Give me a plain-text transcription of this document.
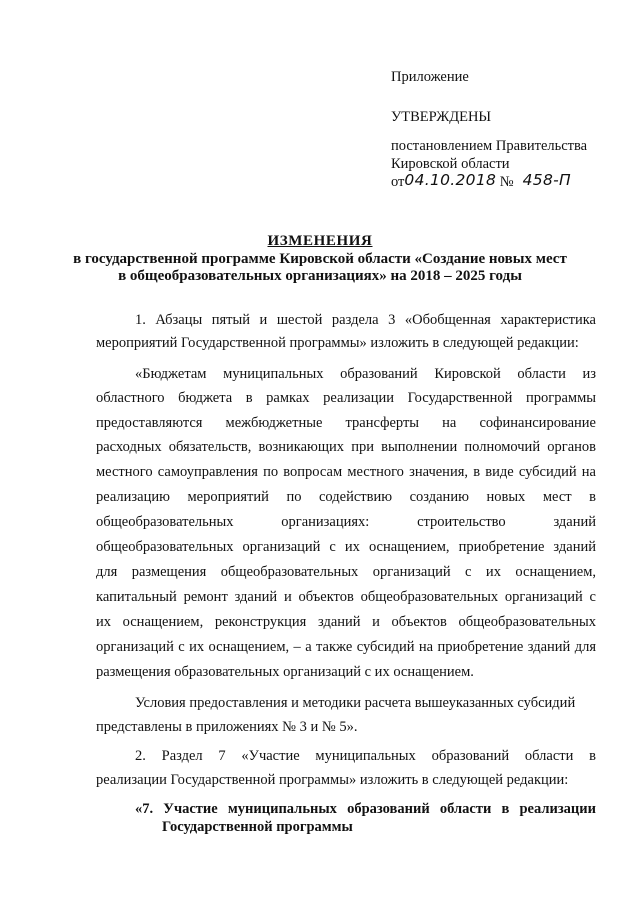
Приложение
УТВЕРЖДЕНЫ
постановлением Правительства
Кировской области
от04.10.2018 № 458-П
ИЗМЕНЕНИЯ
в государственной программе Кировской области «Создание новых мест
в общеобразовательных организациях» на 2018 – 2025 годы
1. Абзацы пятый и шестой раздела 3 «Обобщенная характеристика
мероприятий Государственной программы» изложить в следующей редакции:
«Бюджетам муниципальных образований Кировской области из
областного бюджета в рамках реализации Государственной программы
предоставляются межбюджетные трансферты на софинансирование
расходных обязательств, возникающих при выполнении полномочий органов
местного самоуправления по вопросам местного значения, в виде субсидий на
реализацию мероприятий по содействию созданию новых мест в
общеобразовательных организациях: строительство зданий
общеобразовательных организаций с их оснащением, приобретение зданий
для размещения общеобразовательных организаций с их оснащением,
капитальный ремонт зданий и объектов общеобразовательных организаций с
их оснащением, реконструкция зданий и объектов общеобразовательных
организаций с их оснащением, – а также субсидий на приобретение зданий для
размещения образовательных организаций с их оснащением.
Условия предоставления и методики расчета вышеуказанных субсидий
представлены в приложениях № 3 и № 5».
2. Раздел 7 «Участие муниципальных образований области в
реализации Государственной программы» изложить в следующей редакции:
«7. Участие муниципальных образований области в реализации
Государственной программы
